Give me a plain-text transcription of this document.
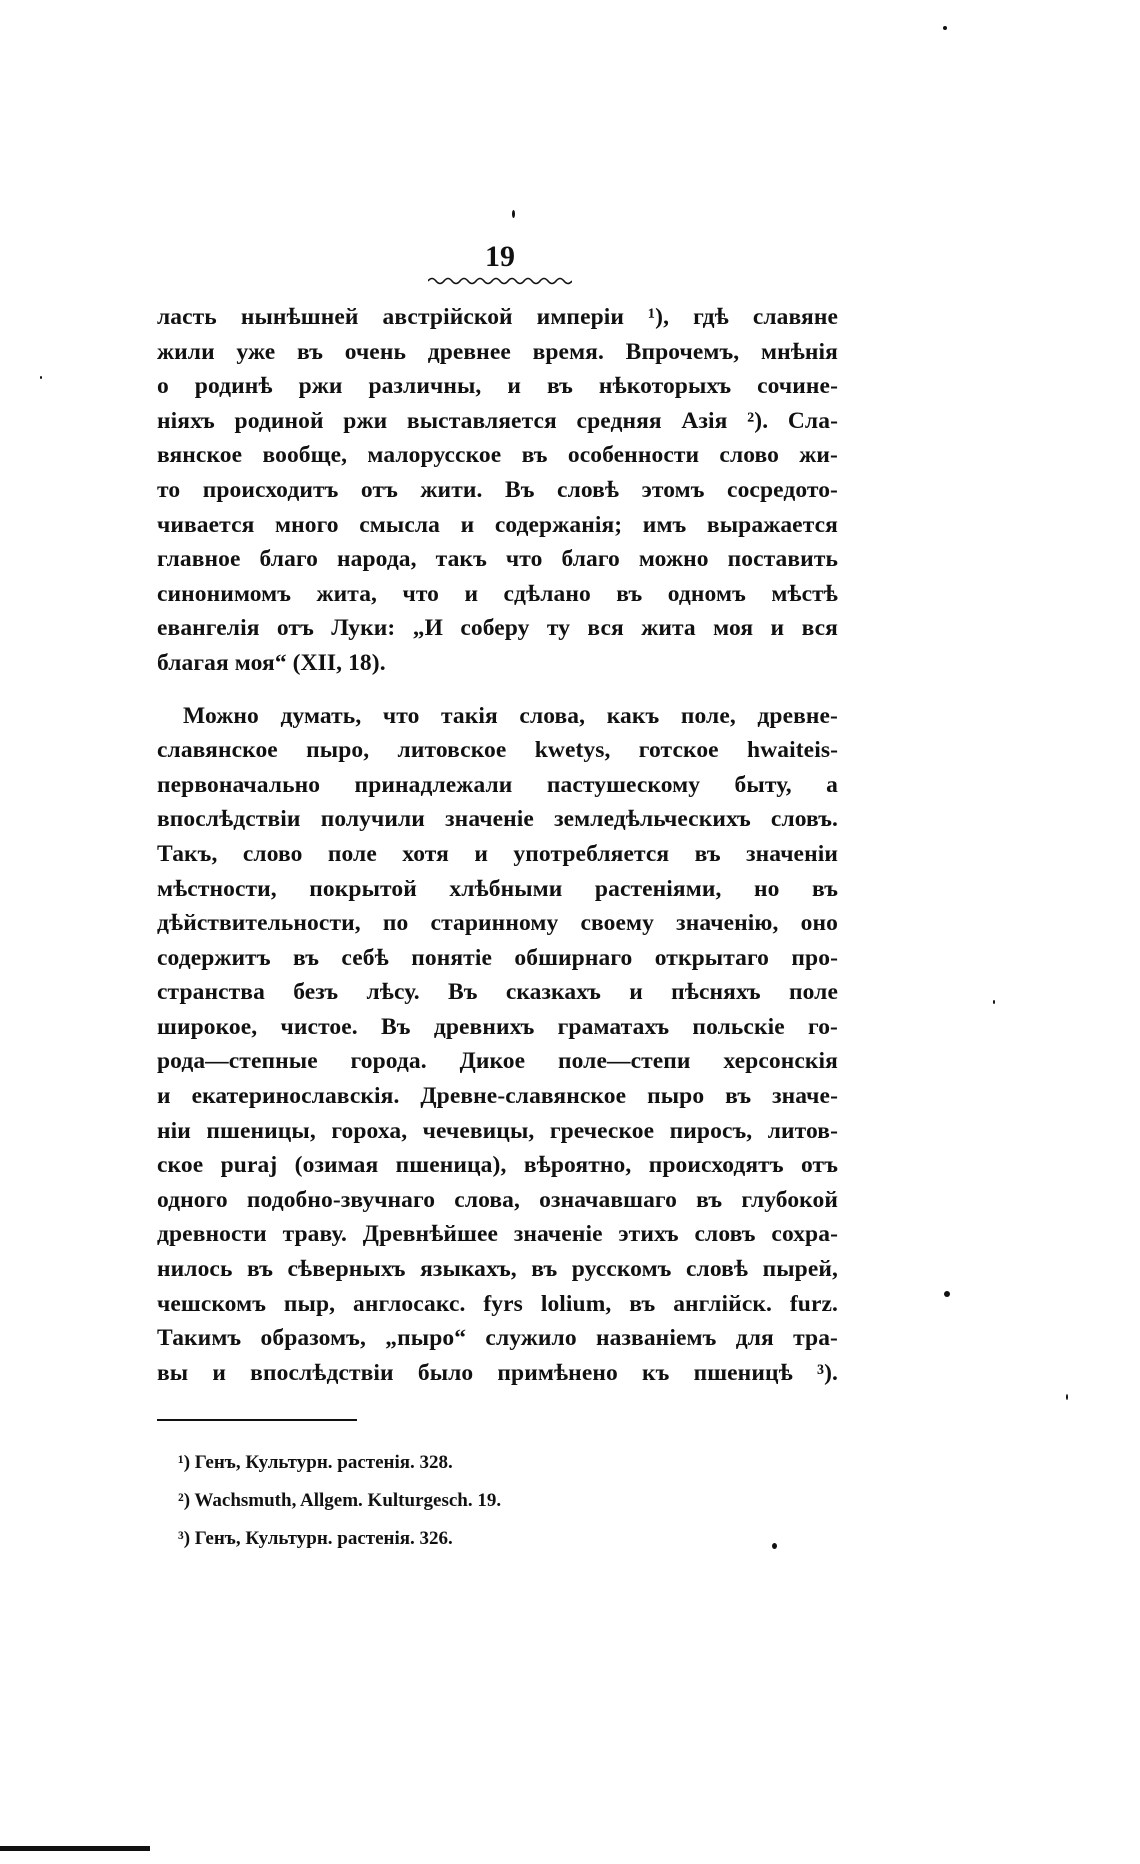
19

ласть нынѣшней австрійской имперіи ¹), гдѣ славяне
жили уже въ очень древнее время. Впрочемъ, мнѣнія
о родинѣ ржи различны, и въ нѣкоторыхъ сочине-
ніяхъ родиной ржи выставляется средняя Азія ²). Сла-
вянское вообще, малорусское въ особенности слово жи-
то происходитъ отъ жити. Въ словѣ этомъ сосредото-
чивается много смысла и содержанія; имъ выражается
главное благо народа, такъ что благо можно поставить
синонимомъ жита, что и сдѣлано въ одномъ мѣстѣ
евангелія отъ Луки: „И соберу ту вся жита моя и вся
благая моя“ (XII, 18).

Можно думать, что такія слова, какъ поле, древне-
славянское пыро, литовское kwetys, готское hwaiteis-
первоначально принадлежали пастушескому быту, а
впослѣдствіи получили значеніе земледѣльческихъ словъ.
Такъ, слово поле хотя и употребляется въ значеніи
мѣстности, покрытой хлѣбными растеніями, но въ
дѣйствительности, по старинному своему значенію, оно
содержитъ въ себѣ понятіе обширнаго открытаго про-
странства безъ лѣсу. Въ сказкахъ и пѣсняхъ поле
широкое, чистое. Въ древнихъ граматахъ польскіе го-
рода—степные города. Дикое поле—степи херсонскія
и екатеринославскія. Древне-славянское пыро въ значе-
ніи пшеницы, гороха, чечевицы, греческое пиросъ, литов-
ское puraj (озимая пшеница), вѣроятно, происходятъ отъ
одного подобно-звучнаго слова, означавшаго въ глубокой
древности траву. Древнѣйшее значеніе этихъ словъ сохра-
нилось въ сѣверныхъ языкахъ, въ русскомъ словѣ пырей,
чешскомъ пыр, англосакс. fyrs lolium, въ англійск. furz.
Такимъ образомъ, „пыро“ служило названіемъ для тра-
вы и впослѣдствіи было примѣнено къ пшеницѣ ³).

¹) Генъ, Культурн. растенія. 328.
²) Wachsmuth, Allgem. Kulturgesch. 19.
³) Генъ, Культурн. растенія. 326.
